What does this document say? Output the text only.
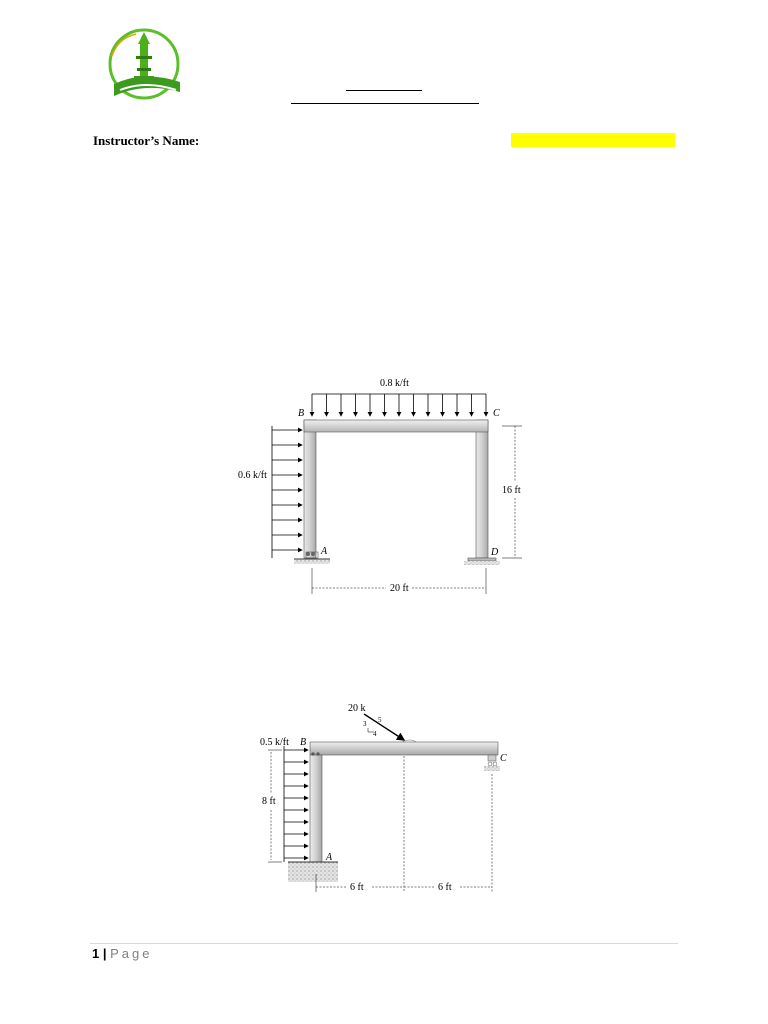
Instructor’s Name:
0.8 k/ft
0.6 k/ft
B	C
A	D
16 ft
20 ft
20 k
3
4
5
0.5 k/ft B
8 ft
A
C
6 ft	6 ft
1 | Page
